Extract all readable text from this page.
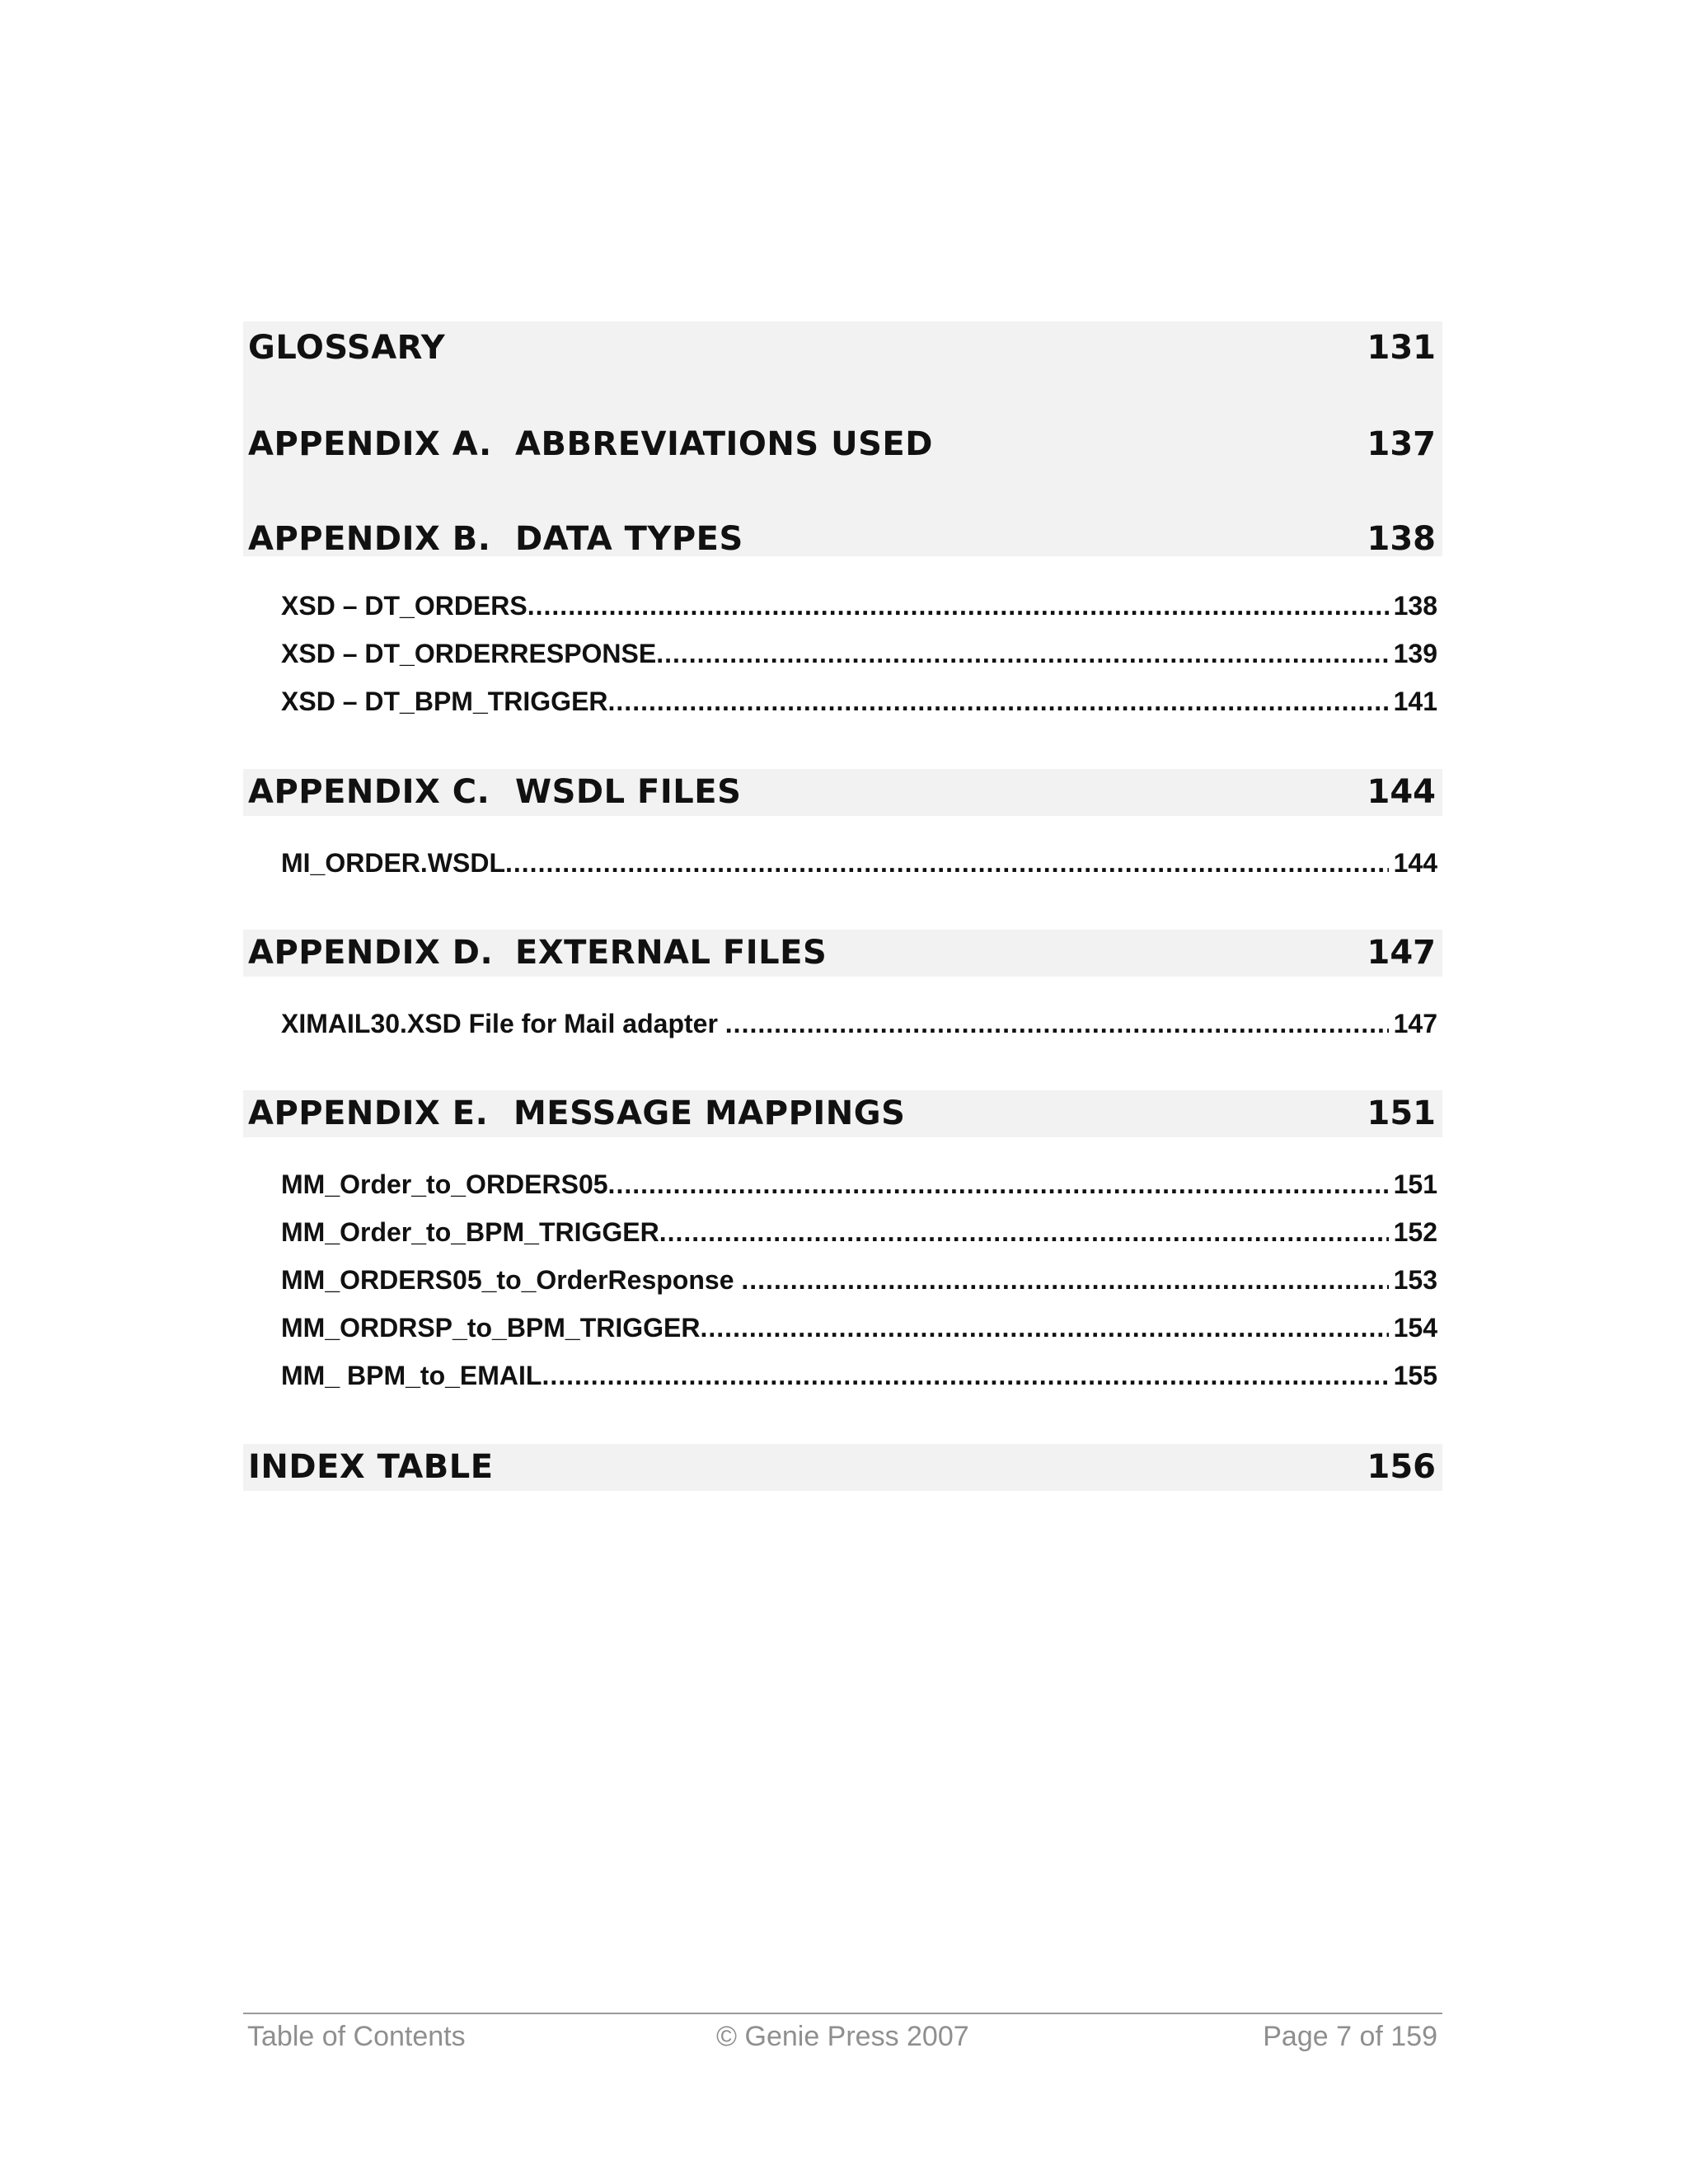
GLOSSARY	131
APPENDIX A. ABBREVIATIONS USED	137
APPENDIX B. DATA TYPES	138
XSD – DT_ORDERS .....	138
XSD – DT_ORDERRESPONSE .....	139
XSD – DT_BPM_TRIGGER .....	141
APPENDIX C. WSDL FILES	144
MI_ORDER.WSDL .....	144
APPENDIX D. EXTERNAL FILES	147
XIMAIL30.XSD File for Mail adapter .....	147
APPENDIX E. MESSAGE MAPPINGS	151
MM_Order_to_ORDERS05 .....	151
MM_Order_to_BPM_TRIGGER .....	152
MM_ORDERS05_to_OrderResponse .....	153
MM_ORDRSP_to_BPM_TRIGGER .....	154
MM_ BPM_to_EMAIL .....	155
INDEX TABLE	156
Table of Contents	© Genie Press 2007	Page 7 of 159
